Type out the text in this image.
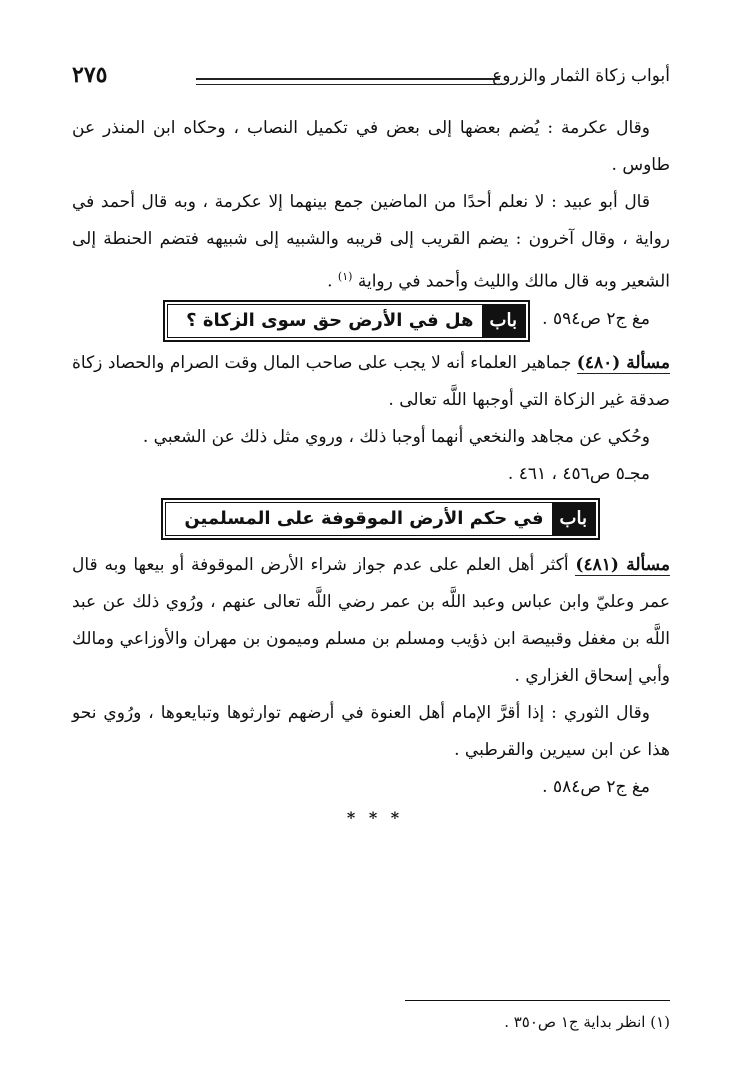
أبواب زكاة الثمار والزروع
٢٧٥

وقال عكرمة : يُضم بعضها إلى بعض في تكميل النصاب ، وحكاه ابن المنذر عن طاوس .

قال أبو عبيد : لا نعلم أحدًا من الماضين جمع بينهما إلا عكرمة ، وبه قال أحمد في رواية ، وقال آخرون : يضم القريب إلى قريبه والشبيه إلى شبيهه فتضم الحنطة إلى الشعير وبه قال مالك والليث وأحمد في رواية $^{(١)}$ .

مغ ج٢ ص٥٩٤ .

باب
هل في الأرض حق سوى الزكاة ؟

مسألة (٤٨٠) جماهير العلماء أنه لا يجب على صاحب المال وقت الصرام والحصاد زكاة صدقة غير الزكاة التي أوجبها اللَّه تعالى .

وحُكي عن مجاهد والنخعي أنهما أوجبا ذلك ، وروي مثل ذلك عن الشعبي .

مجـ٥ ص٤٥٦ ، ٤٦١ .

باب
في حكم الأرض الموقوفة على المسلمين

مسألة (٤٨١) أكثر أهل العلم على عدم جواز شراء الأرض الموقوفة أو بيعها وبه قال عمر وعليّ وابن عباس وعبد اللَّه بن عمر رضي اللَّه تعالى عنهم ، ورُوي ذلك عن عبد اللَّه بن مغفل وقبيصة ابن ذؤيب ومسلم بن مسلم وميمون بن مهران والأوزاعي ومالك وأبي إسحاق الغزاري .

وقال الثوري : إذا أقرَّ الإمام أهل العنوة في أرضهم توارثوها وتبايعوها ، ورُوي نحو هذا عن ابن سيرين والقرطبي .

مغ ج٢ ص٥٨٤ .

* * *
(١) انظر بداية ج١ ص٣٥٠ .
